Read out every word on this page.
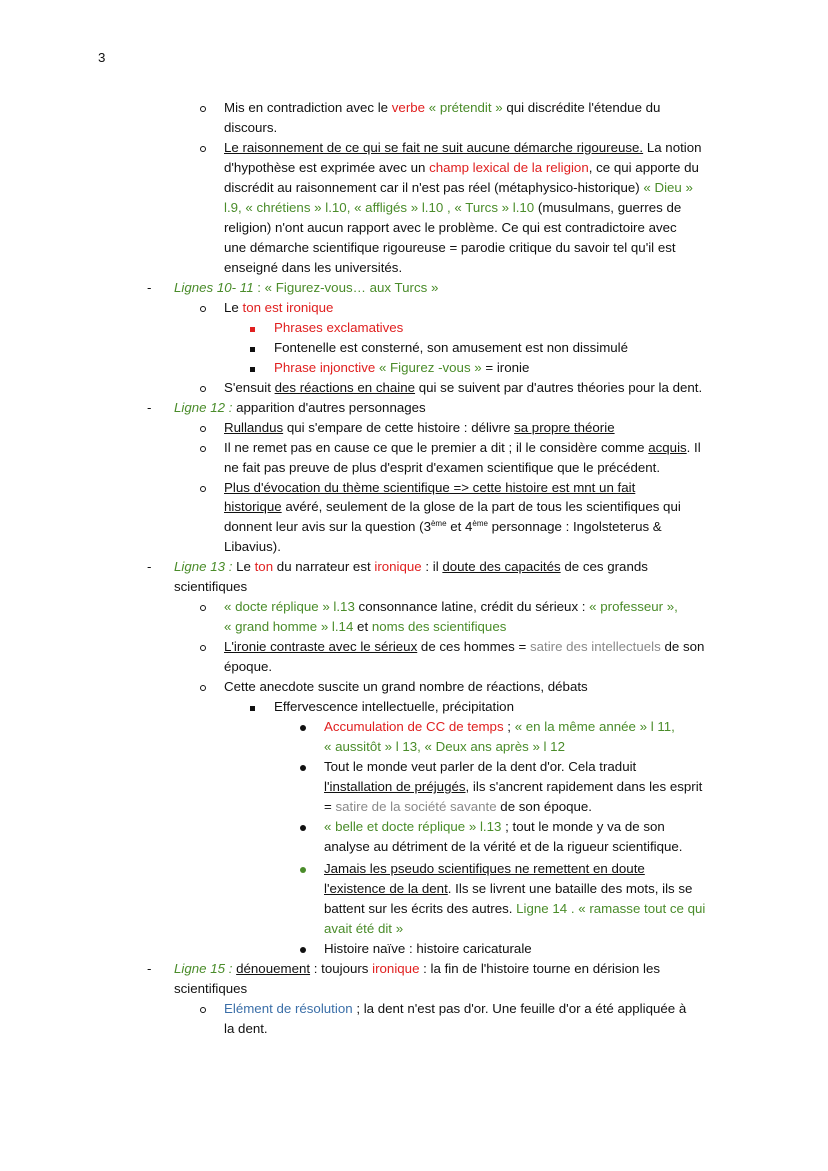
3
-
-
-
-
Mis en contradiction avec le verbe « prétendit » qui discrédite l'étendue du
discours.
Le raisonnement de ce qui se fait ne suit aucune démarche rigoureuse. La notion
d'hypothèse est exprimée avec un champ lexical de la religion, ce qui apporte du
discrédit au raisonnement car il n'est pas réel (métaphysico-historique) « Dieu »
l.9, « chrétiens » l.10, « affligés » l.10 , « Turcs » l.10 (musulmans, guerres de
religion) n'ont aucun rapport avec le problème. Ce qui est contradictoire avec
une démarche scientifique rigoureuse = parodie critique du savoir tel qu'il est
enseigné dans les universités.
Lignes 10- 11 : « Figurez-vous… aux Turcs »
Le ton est ironique
Phrases exclamatives
Fontenelle est consterné, son amusement est non dissimulé
Phrase injonctive « Figurez -vous » = ironie
S'ensuit des réactions en chaine qui se suivent par d'autres théories pour la dent.
Ligne 12 : apparition d'autres personnages
Rullandus qui s'empare de cette histoire : délivre sa propre théorie
Il ne remet pas en cause ce que le premier a dit ; il le considère comme acquis. Il
ne fait pas preuve de plus d'esprit d'examen scientifique que le précédent.
Plus d'évocation du thème scientifique => cette histoire est mnt un fait
historique avéré, seulement de la glose de la part de tous les scientifiques qui
donnent leur avis sur la question (3ème et 4ème personnage : Ingolsteterus &
Libavius).
Ligne 13 : Le ton du narrateur est ironique : il doute des capacités de ces grands
scientifiques
« docte réplique » l.13 consonnance latine, crédit du sérieux : « professeur »,
« grand homme » l.14 et noms des scientifiques
L'ironie contraste avec le sérieux de ces hommes = satire des intellectuels de son
époque.
Cette anecdote suscite un grand nombre de réactions, débats
Effervescence intellectuelle, précipitation
Accumulation de CC de temps ; « en la même année » l 11,
« aussitôt » l 13, « Deux ans après » l 12
Tout le monde veut parler de la dent d'or. Cela traduit
l'installation de préjugés, ils s'ancrent rapidement dans les esprit
= satire de la société savante de son époque.
« belle et docte réplique » l.13 ; tout le monde y va de son
analyse au détriment de la vérité et de la rigueur scientifique.
Jamais les pseudo scientifiques ne remettent en doute
l'existence de la dent. Ils se livrent une bataille des mots, ils se
battent sur les écrits des autres. Ligne 14 . « ramasse tout ce qui
avait été dit »
Histoire naïve : histoire caricaturale
Ligne 15 : dénouement : toujours ironique : la fin de l'histoire tourne en dérision les
scientifiques
Elément de résolution ; la dent n'est pas d'or. Une feuille d'or a été appliquée à
la dent.
